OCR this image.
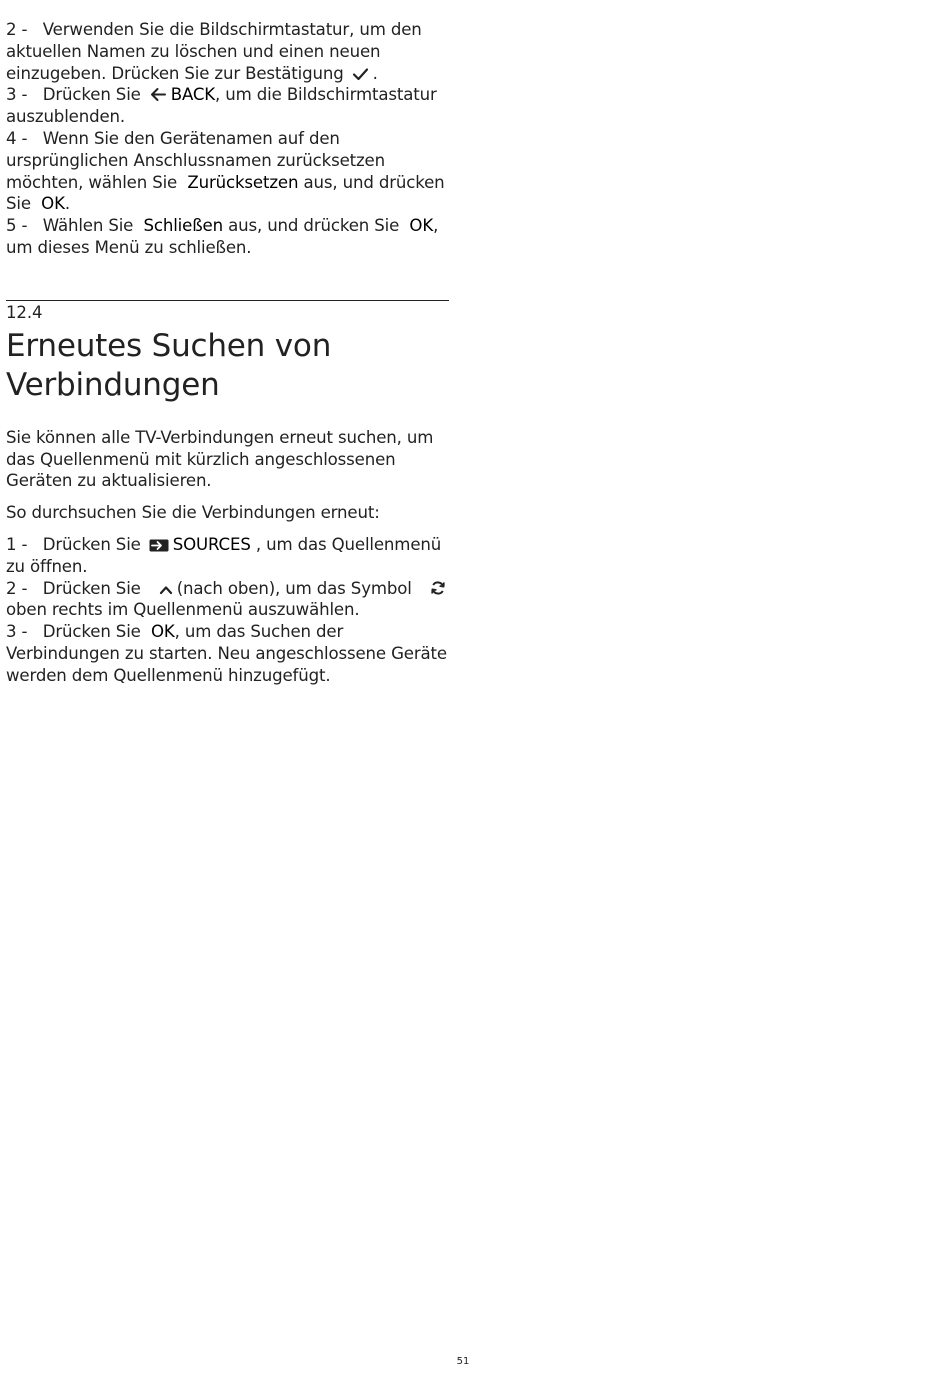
2 - Verwenden Sie die Bildschirmtastatur, um den aktuellen Namen zu löschen und einen neuen einzugeben. Drücken Sie zur Bestätigung .

3 - Drücken Sie BACK, um die Bildschirmtastatur auszublenden.

4 - Wenn Sie den Gerätenamen auf den ursprünglichen Anschlussnamen zurücksetzen möchten, wählen Sie Zurücksetzen aus, und drücken Sie OK.

5 - Wählen Sie Schließen aus, und drücken Sie OK, um dieses Menü zu schließen.

12.4
Erneutes Suchen von
Verbindungen

Sie können alle TV-Verbindungen erneut suchen, um das Quellenmenü mit kürzlich angeschlossenen Geräten zu aktualisieren.

So durchsuchen Sie die Verbindungen erneut:

1 - Drücken Sie SOURCES , um das Quellenmenü zu öffnen.

2 - Drücken Sie (nach oben), um das Symbol
oben rechts im Quellenmenü auszuwählen.

3 - Drücken Sie OK, um das Suchen der Verbindungen zu starten. Neu angeschlossene Geräte werden dem Quellenmenü hinzugefügt.

51
